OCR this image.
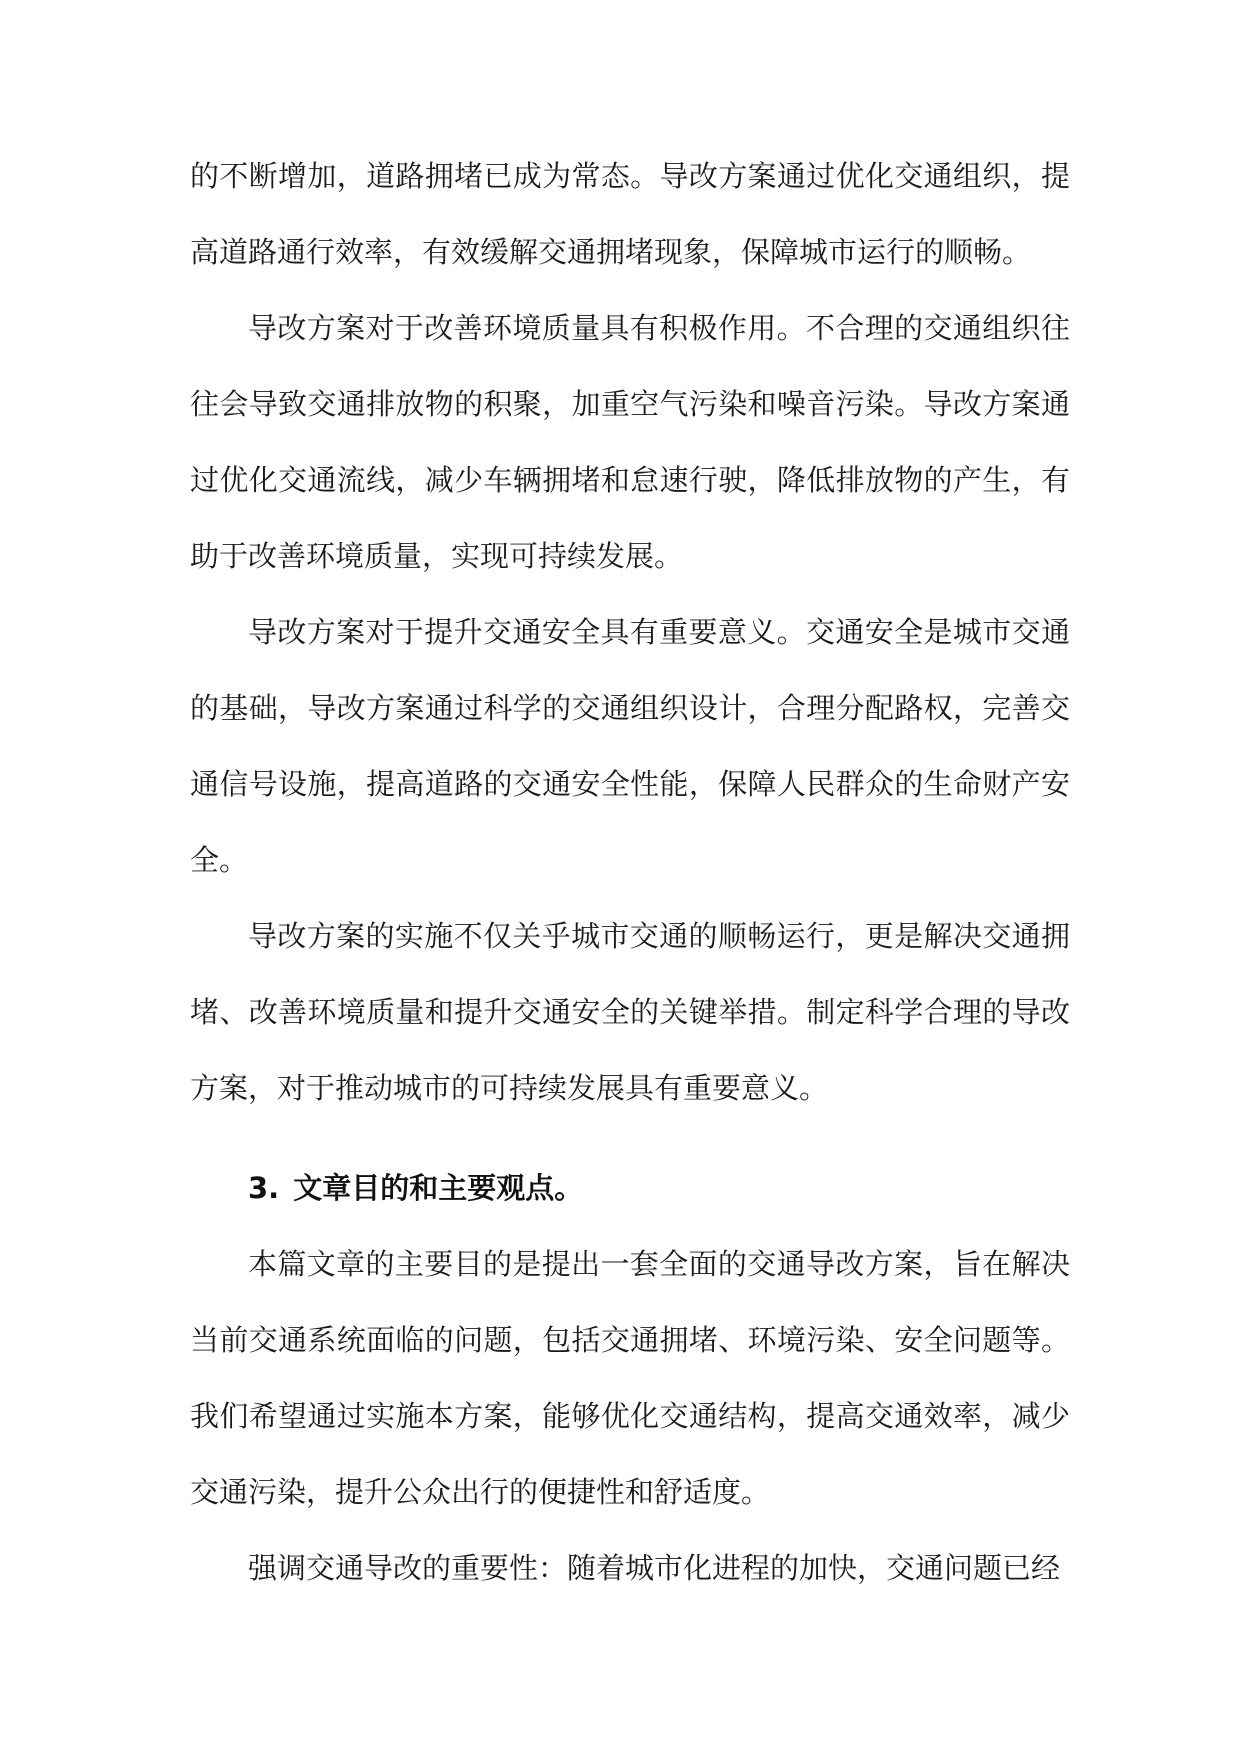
的不断增加，道路拥堵已成为常态。导改方案通过优化交通组织，提高道路通行效率，有效缓解交通拥堵现象，保障城市运行的顺畅。

导改方案对于改善环境质量具有积极作用。不合理的交通组织往往会导致交通排放物的积聚，加重空气污染和噪音污染。导改方案通过优化交通流线，减少车辆拥堵和怠速行驶，降低排放物的产生，有助于改善环境质量，实现可持续发展。

导改方案对于提升交通安全具有重要意义。交通安全是城市交通的基础，导改方案通过科学的交通组织设计，合理分配路权，完善交通信号设施，提高道路的交通安全性能，保障人民群众的生命财产安全。

导改方案的实施不仅关乎城市交通的顺畅运行，更是解决交通拥堵、改善环境质量和提升交通安全的关键举措。制定科学合理的导改方案，对于推动城市的可持续发展具有重要意义。

3. 文章目的和主要观点。

本篇文章的主要目的是提出一套全面的交通导改方案，旨在解决当前交通系统面临的问题，包括交通拥堵、环境污染、安全问题等。我们希望通过实施本方案，能够优化交通结构，提高交通效率，减少交通污染，提升公众出行的便捷性和舒适度。

强调交通导改的重要性：随着城市化进程的加快，交通问题已经
